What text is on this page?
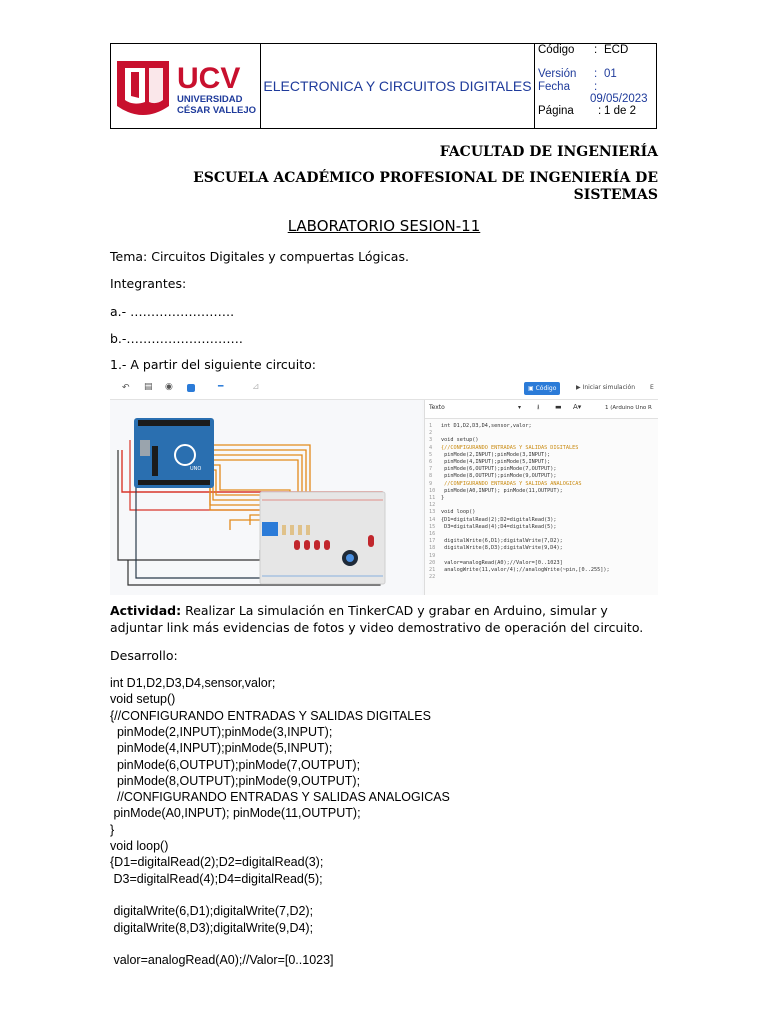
UCV
UNIVERSIDAD
CÉSAR VALLEJO
ELECTRONICA Y CIRCUITOS DIGITALES
Código : ECD
Versión : 01
Fecha :
09/05/2023
Página : 1 de 2
FACULTAD DE INGENIERÍA
ESCUELA ACADÉMICO PROFESIONAL DE INGENIERÍA DE SISTEMAS
LABORATORIO SESION-11
Tema: Circuitos Digitales y compuertas Lógicas.
Integrantes:
a.- …………………….
b.-……………………….
1.- A partir del siguiente circuito:
↶ ▤ ◉	━	⊿	▣ Código	▶ Iniciar simulación E
UNO
Texto	▾ ⭳ ▬ A▾	1 (Arduino Uno R
1 int D1,D2,D3,D4,sensor,valor;
2
3 void setup()
4 {//CONFIGURANDO ENTRADAS Y SALIDAS DIGITALES
5 pinMode(2,INPUT);pinMode(3,INPUT);
6 pinMode(4,INPUT);pinMode(5,INPUT);
7 pinMode(6,OUTPUT);pinMode(7,OUTPUT);
8 pinMode(8,OUTPUT);pinMode(9,OUTPUT);
9 //CONFIGURANDO ENTRADAS Y SALIDAS ANALOGICAS
10 pinMode(A0,INPUT); pinMode(11,OUTPUT);
11 }
12
13 void loop()
14 {D1=digitalRead(2);D2=digitalRead(3);
15 D3=digitalRead(4);D4=digitalRead(5);
16
17 digitalWrite(6,D1);digitalWrite(7,D2);
18 digitalWrite(8,D3);digitalWrite(9,D4);
19
20 valor=analogRead(A0);//Valor=[0..1023]
21 analogWrite(11,valor/4);//analogWrite(~pin,[0..255]);
22
Actividad: Realizar La simulación en TinkerCAD y grabar en Arduino, simular y adjuntar link más evidencias de fotos y video demostrativo de operación del circuito.
Desarrollo:
int D1,D2,D3,D4,sensor,valor;
void setup()
{//CONFIGURANDO ENTRADAS Y SALIDAS DIGITALES
pinMode(2,INPUT);pinMode(3,INPUT);
pinMode(4,INPUT);pinMode(5,INPUT);
pinMode(6,OUTPUT);pinMode(7,OUTPUT);
pinMode(8,OUTPUT);pinMode(9,OUTPUT);
//CONFIGURANDO ENTRADAS Y SALIDAS ANALOGICAS
pinMode(A0,INPUT); pinMode(11,OUTPUT);
}
void loop()
{D1=digitalRead(2);D2=digitalRead(3);
D3=digitalRead(4);D4=digitalRead(5);
digitalWrite(6,D1);digitalWrite(7,D2);
digitalWrite(8,D3);digitalWrite(9,D4);
valor=analogRead(A0);//Valor=[0..1023]
